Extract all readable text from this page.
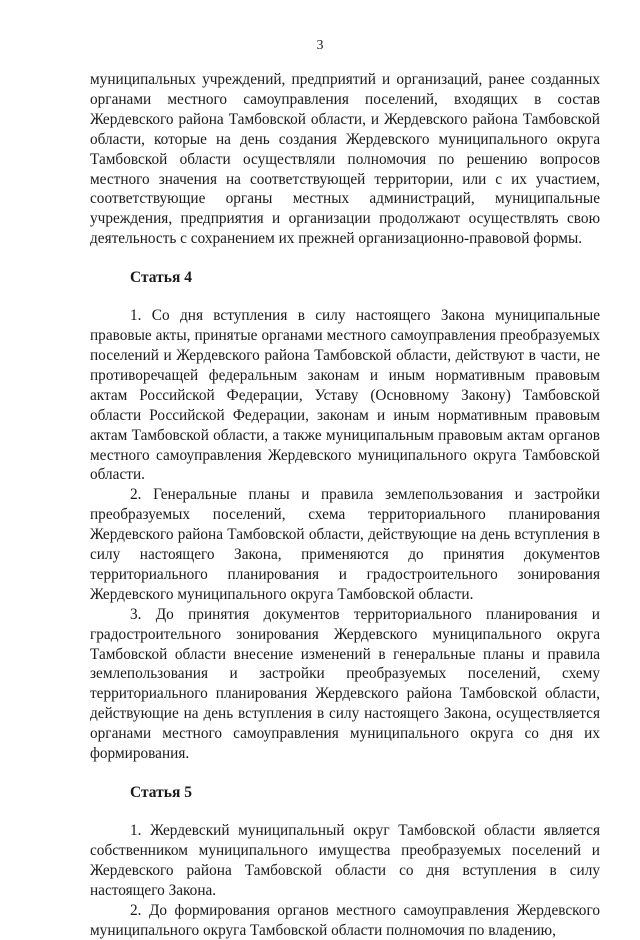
3

муниципальных учреждений, предприятий и организаций, ранее созданных органами местного самоуправления поселений, входящих в состав Жердевского района Тамбовской области, и Жердевского района Тамбовской области, которые на день создания Жердевского муниципального округа Тамбовской области осуществляли полномочия по решению вопросов местного значения на соответствующей территории, или с их участием, соответствующие органы местных администраций, муниципальные учреждения, предприятия и организации продолжают осуществлять свою деятельность с сохранением их прежней организационно-правовой формы.

Статья 4

1. Со дня вступления в силу настоящего Закона муниципальные правовые акты, принятые органами местного самоуправления преобразуемых поселений и Жердевского района Тамбовской области, действуют в части, не противоречащей федеральным законам и иным нормативным правовым актам Российской Федерации, Уставу (Основному Закону) Тамбовской области Российской Федерации, законам и иным нормативным правовым актам Тамбовской области, а также муниципальным правовым актам органов местного самоуправления Жердевского муниципального округа Тамбовской области.

2. Генеральные планы и правила землепользования и застройки преобразуемых поселений, схема территориального планирования Жердевского района Тамбовской области, действующие на день вступления в силу настоящего Закона, применяются до принятия документов территориального планирования и градостроительного зонирования Жердевского муниципального округа Тамбовской области.

3. До принятия документов территориального планирования и градостроительного зонирования Жердевского муниципального округа Тамбовской области внесение изменений в генеральные планы и правила землепользования и застройки преобразуемых поселений, схему территориального планирования Жердевского района Тамбовской области, действующие на день вступления в силу настоящего Закона, осуществляется органами местного самоуправления муниципального округа со дня их формирования.

Статья 5

1. Жердевский муниципальный округ Тамбовской области является собственником муниципального имущества преобразуемых поселений и Жердевского района Тамбовской области со дня вступления в силу настоящего Закона.

2. До формирования органов местного самоуправления Жердевского муниципального округа Тамбовской области полномочия по владению,
